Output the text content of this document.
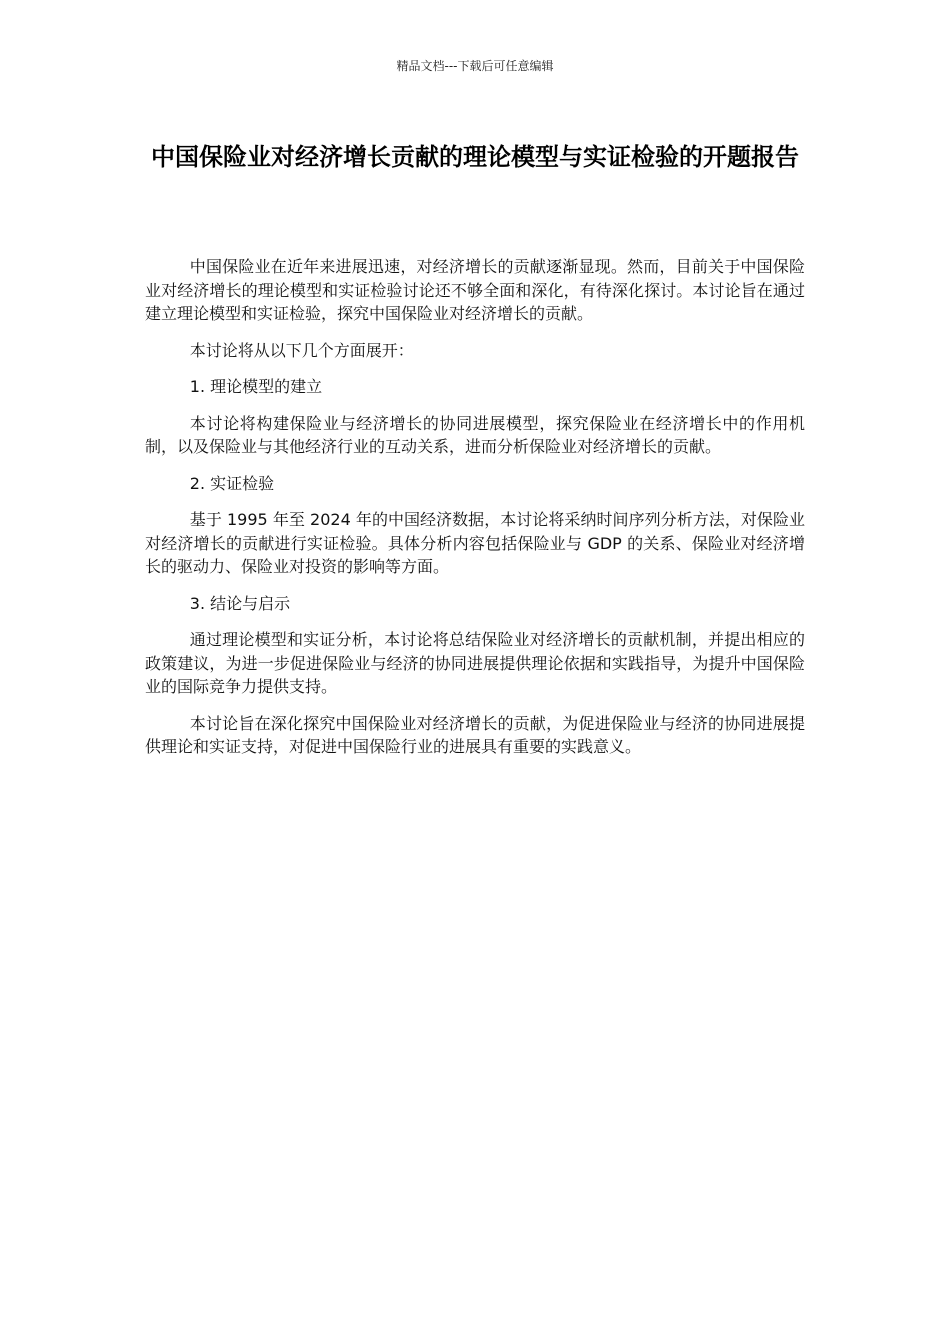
精品文档---下载后可任意编辑
中国保险业对经济增长贡献的理论模型与实证检验的开题报告

中国保险业在近年来进展迅速，对经济增长的贡献逐渐显现。然而，目前关于中国保险业对经济增长的理论模型和实证检验讨论还不够全面和深化，有待深化探讨。本讨论旨在通过建立理论模型和实证检验，探究中国保险业对经济增长的贡献。

本讨论将从以下几个方面展开：

1. 理论模型的建立

本讨论将构建保险业与经济增长的协同进展模型，探究保险业在经济增长中的作用机制，以及保险业与其他经济行业的互动关系，进而分析保险业对经济增长的贡献。

2. 实证检验

基于 1995 年至 2024 年的中国经济数据，本讨论将采纳时间序列分析方法，对保险业对经济增长的贡献进行实证检验。具体分析内容包括保险业与 GDP 的关系、保险业对经济增长的驱动力、保险业对投资的影响等方面。

3. 结论与启示

通过理论模型和实证分析，本讨论将总结保险业对经济增长的贡献机制，并提出相应的政策建议，为进一步促进保险业与经济的协同进展提供理论依据和实践指导，为提升中国保险业的国际竞争力提供支持。

本讨论旨在深化探究中国保险业对经济增长的贡献，为促进保险业与经济的协同进展提供理论和实证支持，对促进中国保险行业的进展具有重要的实践意义。
